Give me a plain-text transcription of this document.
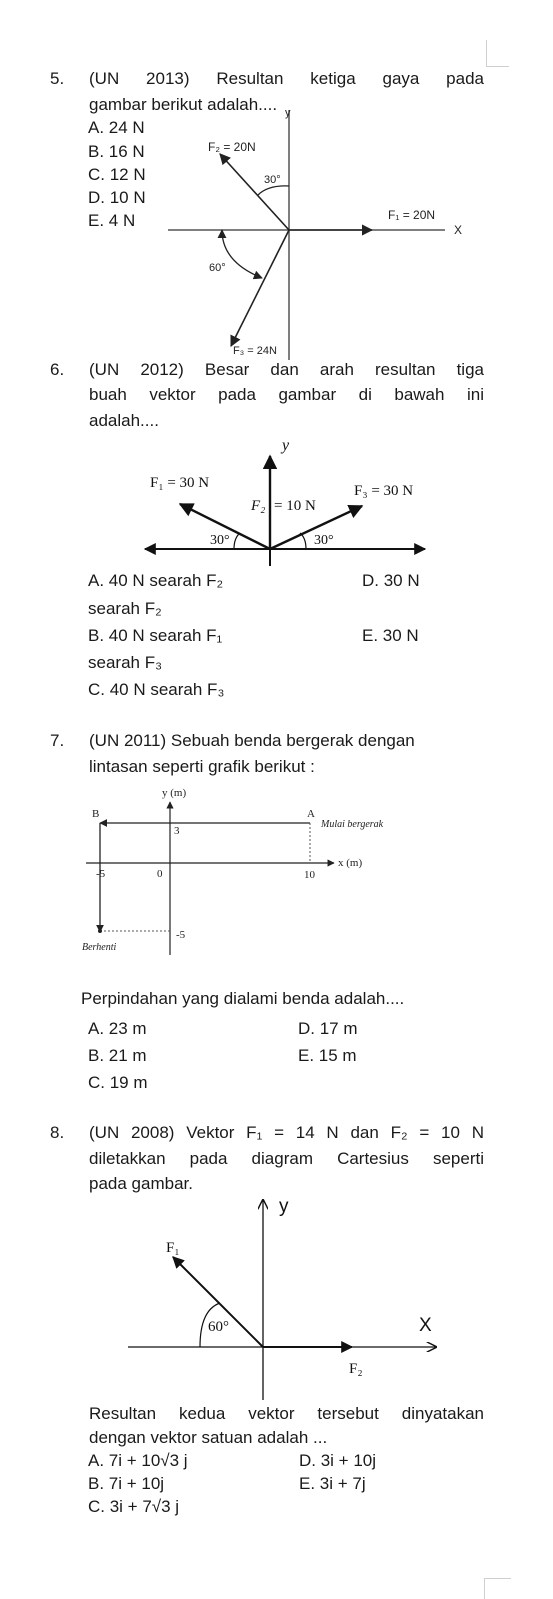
5. (UN 2013) Resultan ketiga gaya pada
gambar berikut adalah....
A. 24 N
B. 16 N
C. 12 N
D. 10 N
E. 4 N
F₂ = 20N
30°
F₁ = 20N
X
y
60°
F₃ = 24N
6. (UN 2012) Besar dan arah resultan tiga
buah vektor pada gambar di bawah ini
adalah....
y
F₁ = 30 N
F₂ = 10 N
F₃ = 30 N
30°	30°
A. 40 N searah F₂	D. 30 N
searah F₂
B. 40 N searah F₁	E. 30 N
searah F₃
C. 40 N searah F₃
7. (UN 2011) Sebuah benda bergerak dengan
lintasan seperti grafik berikut :
y (m)
x (m)
B	A
3
Mulai bergerak
-5	0	10
-5
Berhenti
Perpindahan yang dialami benda adalah....
A. 23 m	D. 17 m
B. 21 m	E. 15 m
C. 19 m
8. (UN 2008) Vektor F₁ = 14 N dan F₂ = 10 N
diletakkan pada diagram Cartesius seperti
pada gambar.
y
F₁
60°	X
F₂
Resultan kedua vektor tersebut dinyatakan
dengan vektor satuan adalah ...
A. 7i + 10√3 j	D. 3i + 10j
B. 7i + 10j	E. 3i + 7j
C. 3i + 7√3 j
